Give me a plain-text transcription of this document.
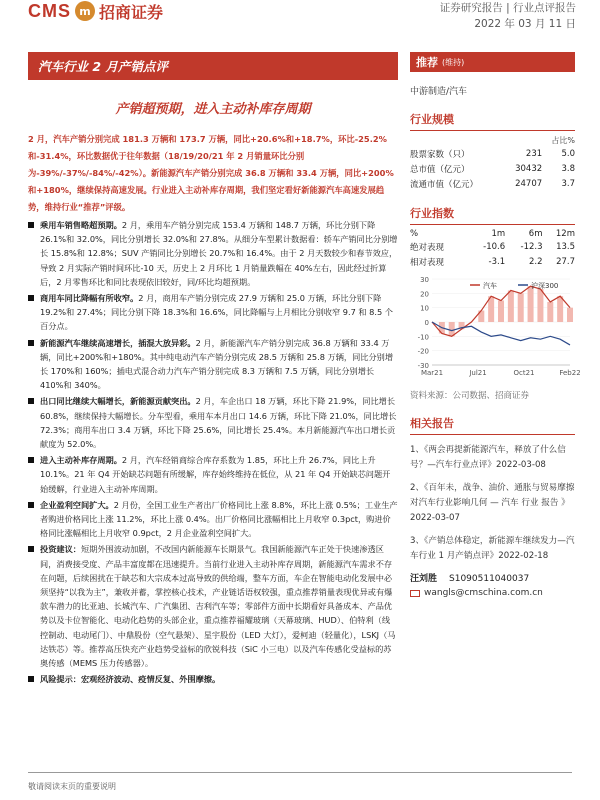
CMS m 招商证券	证券研究报告 | 行业点评报告
2022 年 03 月 11 日
汽车行业 2 月产销点评
产销超预期，进入主动补库存周期
2 月，汽车产销分别完成 181.3 万辆和 173.7 万辆，同比+20.6%和+18.7%，环比-25.2%和-31.4%，环比数据优于往年数据（18/19/20/21 年 2 月销量环比分别为-39%/-37%/-84%/-42%）。新能源汽车产销分别完成 36.8 万辆和 33.4 万辆，同比+200%和+180%，继续保持高速发展。行业进入主动补库存周期，我们坚定看好新能源汽车高速发展趋势，维持行业“推荐”评级。
乘用车销售略超预期。2 月，乘用车产销分别完成 153.4 万辆和 148.7 万辆，环比分别下降 26.1%和 32.0%，同比分别增长 32.0%和 27.8%。从细分车型累计数据看：轿车产销同比分别增长 15.8%和 12.8%；SUV 产销同比分别增长 20.7%和 16.4%。由于 2 月天数较少和春节效应，导致 2 月实际产销时间环比-10 天，历史上 2 月环比 1 月销量跌幅在 40%左右，因此经过折算后，2 月零售环比和同比表现依旧较好，同/环比均超预期。
商用车同比降幅有所收窄。2 月，商用车产销分别完成 27.9 万辆和 25.0 万辆，环比分别下降 19.2%和 27.4%；同比分别下降 18.3%和 16.6%，同比降幅与上月相比分别收窄 9.7 和 8.5 个百分点。
新能源汽车继续高速增长，插混大放异彩。2 月，新能源汽车产销分别完成 36.8 万辆和 33.4 万辆，同比+200%和+180%。其中纯电动汽车产销分别完成 28.5 万辆和 25.8 万辆，同比分别增长 170%和 160%；插电式混合动力汽车产销分别完成 8.3 万辆和 7.5 万辆，同比分别增长 410%和 340%。
出口同比继续大幅增长，新能源贡献突出。2 月，车企出口 18 万辆，环比下降 21.9%，同比增长 60.8%，继续保持大幅增长。分车型看，乘用车本月出口 14.6 万辆，环比下降 21.0%，同比增长 72.3%；商用车出口 3.4 万辆，环比下降 25.6%，同比增长 25.4%。本月新能源汽车出口增长贡献度为 52.0%。
进入主动补库存周期。2 月，汽车经销商综合库存系数为 1.85，环比上升 26.7%，同比上升 10.1%。21 年 Q4 开始缺芯问题有所缓解，库存始终维持在低位，从 21 年 Q4 开始缺芯问题开始缓解，行业进入主动补库周期。
企业盈利空间扩大。2 月份，全国工业生产者出厂价格同比上涨 8.8%，环比上涨 0.5%；工业生产者购进价格同比上涨 11.2%，环比上涨 0.4%。出厂价格同比涨幅相比上月收窄 0.3pct，购进价格同比涨幅相比上月收窄 0.9pct，2 月企业盈利空间扩大。
投资建议：短期外围波动加剧，不改国内新能源车长期景气。我国新能源汽车正处于快速渗透区间，消费接受度、产品丰富度都在迅速提升。当前行业进入主动补库存周期，新能源汽车需求不存在问题，后续困扰在于缺芯和大宗成本过高导致的供给端，整车方面，车企在智能电动化发展中必须坚持“以我为主”，兼收并蓄，掌控核心技术，产业链话语权较强，重点推荐销量表现优异或有爆款车潜力的比亚迪、长城汽车、广汽集团、吉利汽车等；零部件方面中长期看好具备成本、产品优势以及卡位智能化、电动化趋势的头部企业，重点推荐福耀玻璃（天幕玻璃、HUD）、伯特利（线控制动、电动尾门）、中鼎股份（空气悬架）、星宇股份（LED 大灯），爱柯迪（轻量化），LSKJ（马达铁芯）等。推荐高压快充产业趋势受益标的欣锐科技（SiC 小三电）以及汽车传感化受益标的苏奥传感（MEMS 压力传感器）。
风险提示：宏观经济波动、疫情反复、外围摩擦。
推荐 (维持)
中游制造/汽车
行业规模
		占比%
股票家数（只）	231	5.0
总市值（亿元）	30432	3.8
流通市值（亿元）	24707	3.7
行业指数
%	1m	6m	12m
绝对表现	-10.6	-12.3	13.5
相对表现	-3.1	2.2	27.7
30
20
10
0
-10
-20
-30
Mar21	Jul21	Oct21	Feb22
汽车	沪深300
资料来源：公司数据、招商证券
相关报告
1、《两会再提新能源汽车，释放了什么信号？—汽车行业点评》2022-03-08
2、《百年未，战争、油价、通胀与贸易摩擦对汽车行业影响几何 — 汽车 行业 报告 》2022-03-07
3、《产销总体稳定，新能源车继续发力—汽车行业 1 月产销点评》2022-02-18
汪刘胜 S1090511040037
wangls@cmschina.com.cn
敬请阅读末页的重要说明
